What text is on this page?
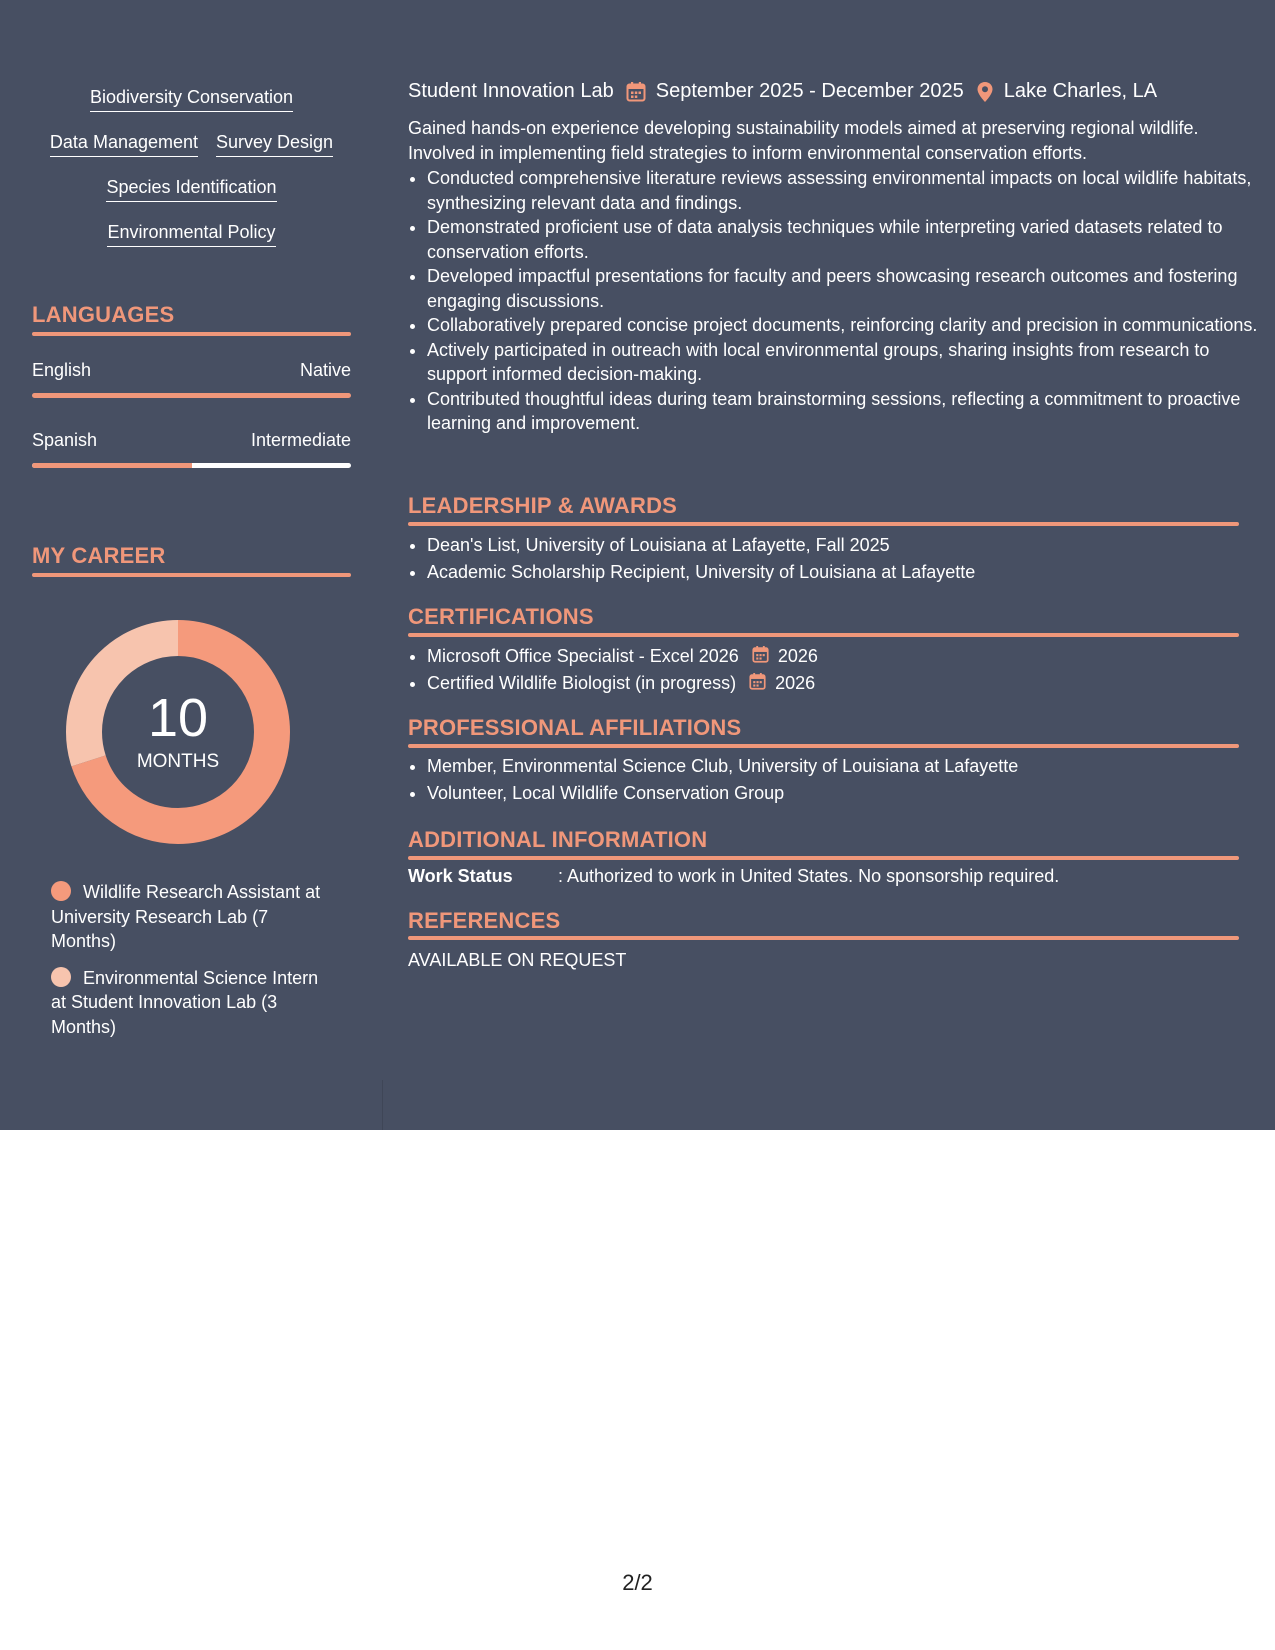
Biodiversity Conservation
Data Management Survey Design
Species Identification
Environmental Policy
LANGUAGES
English	Native
Spanish	Intermediate
MY CAREER
10
MONTHS
Wildlife Research Assistant at University Research Lab (7 Months)
Environmental Science Intern at Student Innovation Lab (3 Months)
Student Innovation Lab September 2025 - December 2025 Lake Charles, LA
Gained hands-on experience developing sustainability models aimed at preserving regional wildlife. Involved in implementing field strategies to inform environmental conservation efforts.
• Conducted comprehensive literature reviews assessing environmental impacts on local wildlife habitats, synthesizing relevant data and findings.
• Demonstrated proficient use of data analysis techniques while interpreting varied datasets related to conservation efforts.
• Developed impactful presentations for faculty and peers showcasing research outcomes and fostering engaging discussions.
• Collaboratively prepared concise project documents, reinforcing clarity and precision in communications.
• Actively participated in outreach with local environmental groups, sharing insights from research to support informed decision-making.
• Contributed thoughtful ideas during team brainstorming sessions, reflecting a commitment to proactive learning and improvement.
LEADERSHIP & AWARDS
• Dean's List, University of Louisiana at Lafayette, Fall 2025
• Academic Scholarship Recipient, University of Louisiana at Lafayette
CERTIFICATIONS
• Microsoft Office Specialist - Excel 2026 2026
• Certified Wildlife Biologist (in progress) 2026
PROFESSIONAL AFFILIATIONS
• Member, Environmental Science Club, University of Louisiana at Lafayette
• Volunteer, Local Wildlife Conservation Group
ADDITIONAL INFORMATION
Work Status	: Authorized to work in United States. No sponsorship required.
REFERENCES
AVAILABLE ON REQUEST
2/2
